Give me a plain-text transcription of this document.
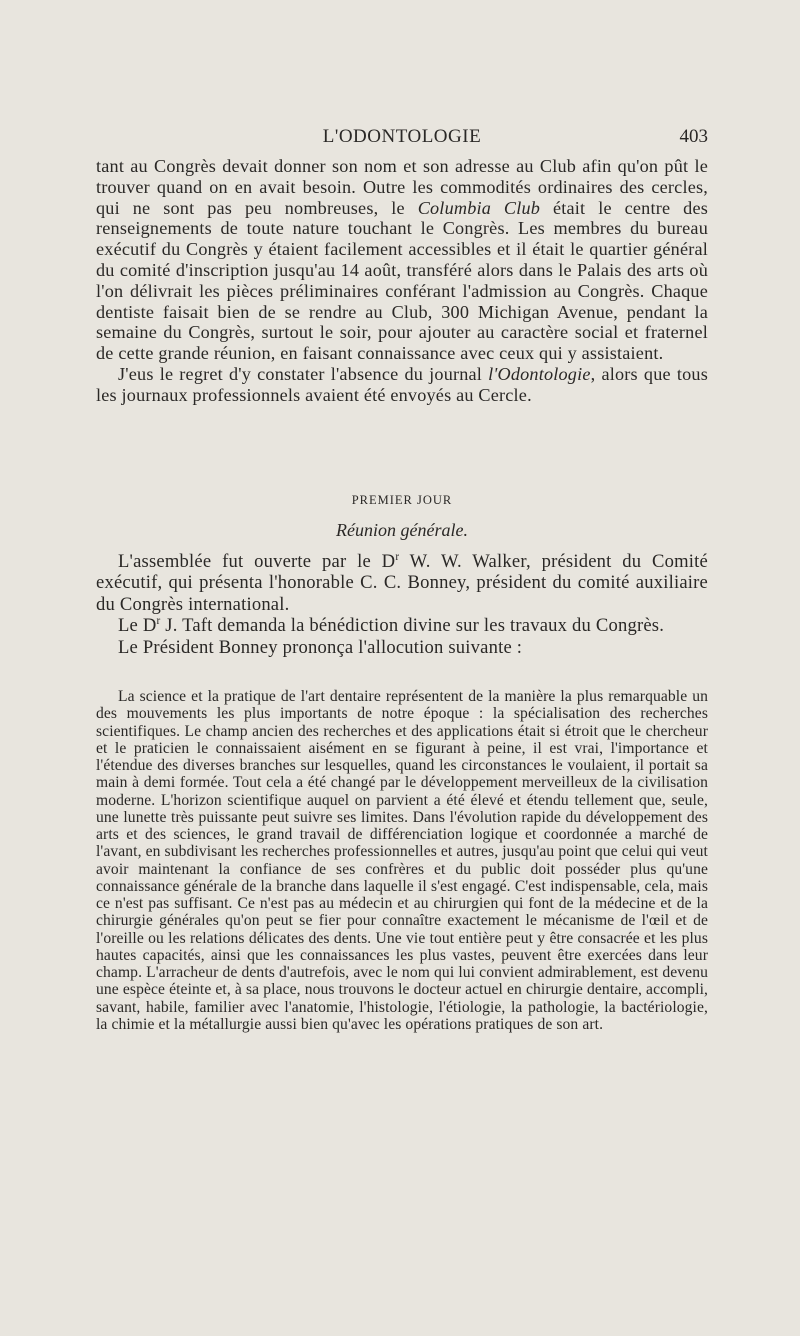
L'ODONTOLOGIE	403

tant au Congrès devait donner son nom et son adresse au Club afin qu'on pût le trouver quand on en avait besoin. Outre les commodités ordinaires des cercles, qui ne sont pas peu nombreuses, le Columbia Club était le centre des renseignements de toute nature touchant le Congrès. Les membres du bureau exécutif du Congrès y étaient facilement accessibles et il était le quartier général du comité d'inscription jusqu'au 14 août, transféré alors dans le Palais des arts où l'on délivrait les pièces préliminaires conférant l'admission au Congrès. Chaque dentiste faisait bien de se rendre au Club, 300 Michigan Avenue, pendant la semaine du Congrès, surtout le soir, pour ajouter au caractère social et fraternel de cette grande réunion, en faisant connaissance avec ceux qui y assistaient.

J'eus le regret d'y constater l'absence du journal l'Odontologie, alors que tous les journaux professionnels avaient été envoyés au Cercle.

PREMIER JOUR
Réunion générale.

L'assemblée fut ouverte par le $D^r$ W. W. Walker, président du Comité exécutif, qui présenta l'honorable C. C. Bonney, président du comité auxiliaire du Congrès international.

Le $D^r$ J. Taft demanda la bénédiction divine sur les travaux du Congrès.

Le Président Bonney prononça l'allocution suivante :

La science et la pratique de l'art dentaire représentent de la manière la plus remarquable un des mouvements les plus importants de notre époque : la spécialisation des recherches scientifiques. Le champ ancien des recherches et des applications était si étroit que le chercheur et le praticien le connaissaient aisément en se figurant à peine, il est vrai, l'importance et l'étendue des diverses branches sur lesquelles, quand les circonstances le voulaient, il portait sa main à demi formée. Tout cela a été changé par le développement merveilleux de la civilisation moderne. L'horizon scientifique auquel on parvient a été élevé et étendu tellement que, seule, une lunette très puissante peut suivre ses limites. Dans l'évolution rapide du développement des arts et des sciences, le grand travail de différenciation logique et coordonnée a marché de l'avant, en subdivisant les recherches professionnelles et autres, jusqu'au point que celui qui veut avoir maintenant la confiance de ses confrères et du public doit posséder plus qu'une connaissance générale de la branche dans laquelle il s'est engagé. C'est indispensable, cela, mais ce n'est pas suffisant. Ce n'est pas au médecin et au chirurgien qui font de la médecine et de la chirurgie générales qu'on peut se fier pour connaître exactement le mécanisme de l'œil et de l'oreille ou les relations délicates des dents. Une vie tout entière peut y être consacrée et les plus hautes capacités, ainsi que les connaissances les plus vastes, peuvent être exercées dans leur champ. L'arracheur de dents d'autrefois, avec le nom qui lui convient admirablement, est devenu une espèce éteinte et, à sa place, nous trouvons le docteur actuel en chirurgie dentaire, accompli, savant, habile, familier avec l'anatomie, l'histologie, l'étiologie, la pathologie, la bactériologie, la chimie et la métallurgie aussi bien qu'avec les opérations pratiques de son art.
